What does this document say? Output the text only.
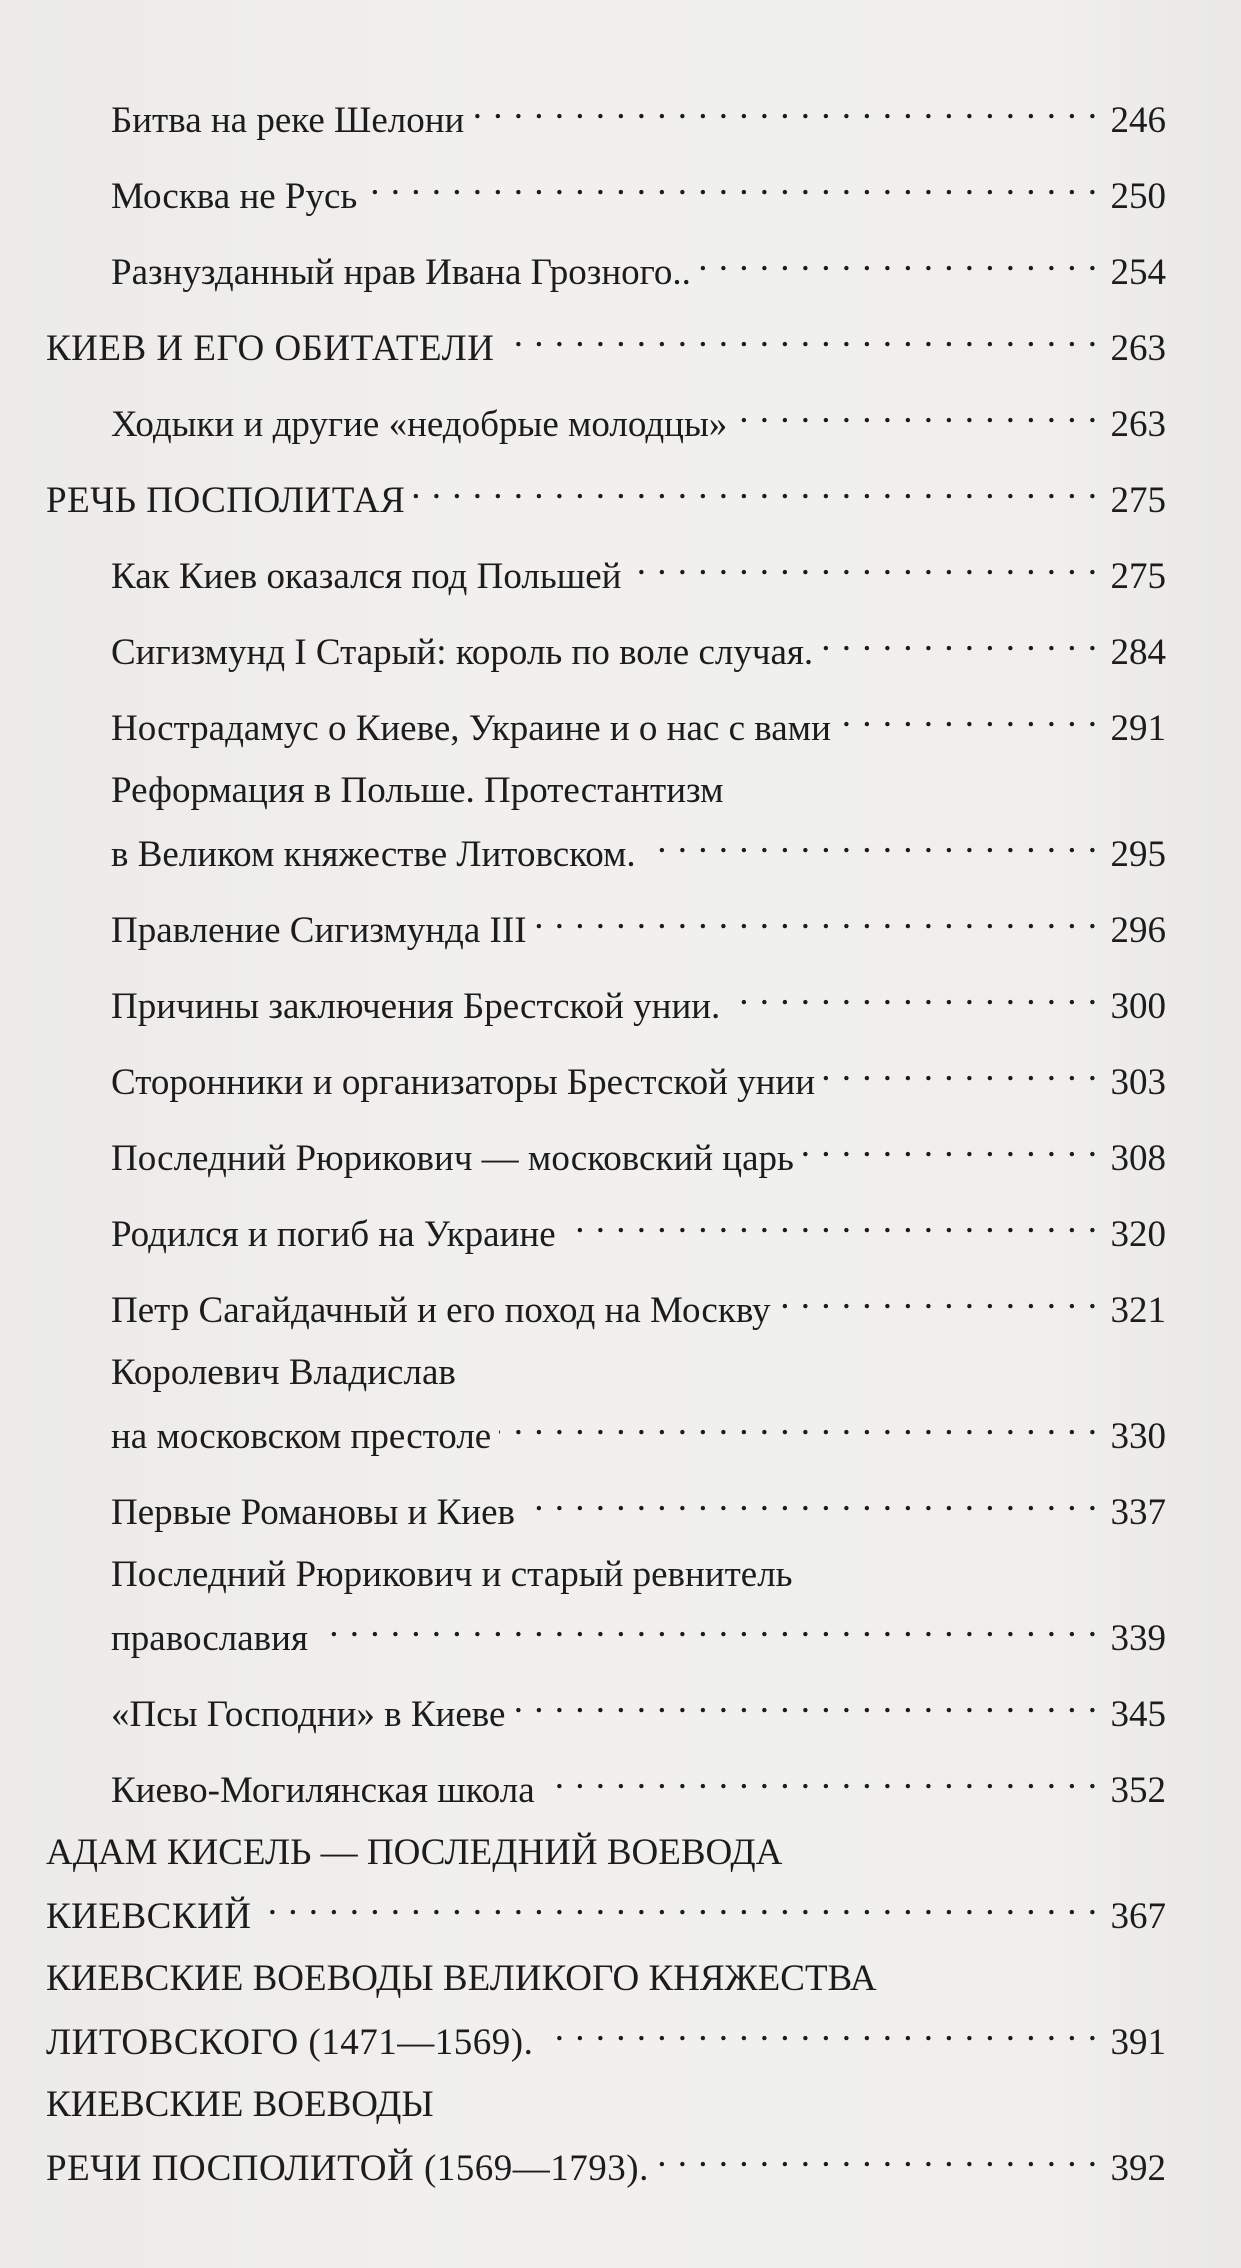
Битва на реке Шелони . . .	246
Москва не Русь . . .	250
Разнузданный нрав Ивана Грозного.. . . .	254
КИЕВ И ЕГО ОБИТАТЕЛИ . . .	263
Ходыки и другие «недобрые молодцы» . . .	263
РЕЧЬ ПОСПОЛИТАЯ . . .	275
Как Киев оказался под Польшей . . .	275
Сигизмунд I Старый: король по воле случая. . . .	284
Нострадамус о Киеве, Украине и о нас с вами . . .	291
Реформация в Польше. Протестантизм
в Великом княжестве Литовском. . . .	295
Правление Сигизмунда III . . .	296
Причины заключения Брестской унии. . . .	300
Сторонники и организаторы Брестской унии . . .	303
Последний Рюрикович — московский царь . . .	308
Родился и погиб на Украине . . .	320
Петр Сагайдачный и его поход на Москву . . .	321
Королевич Владислав
на московском престоле . . .	330
Первые Романовы и Киев . . .	337
Последний Рюрикович и старый ревнитель
православия . . .	339
«Псы Господни» в Киеве . . .	345
Киево-Могилянская школа . . .	352
АДАМ КИСЕЛЬ — ПОСЛЕДНИЙ ВОЕВОДА
КИЕВСКИЙ . . .	367
КИЕВСКИЕ ВОЕВОДЫ ВЕЛИКОГО КНЯЖЕСТВА
ЛИТОВСКОГО (1471—1569). . . .	391
КИЕВСКИЕ ВОЕВОДЫ
РЕЧИ ПОСПОЛИТОЙ (1569—1793). . . .	392
